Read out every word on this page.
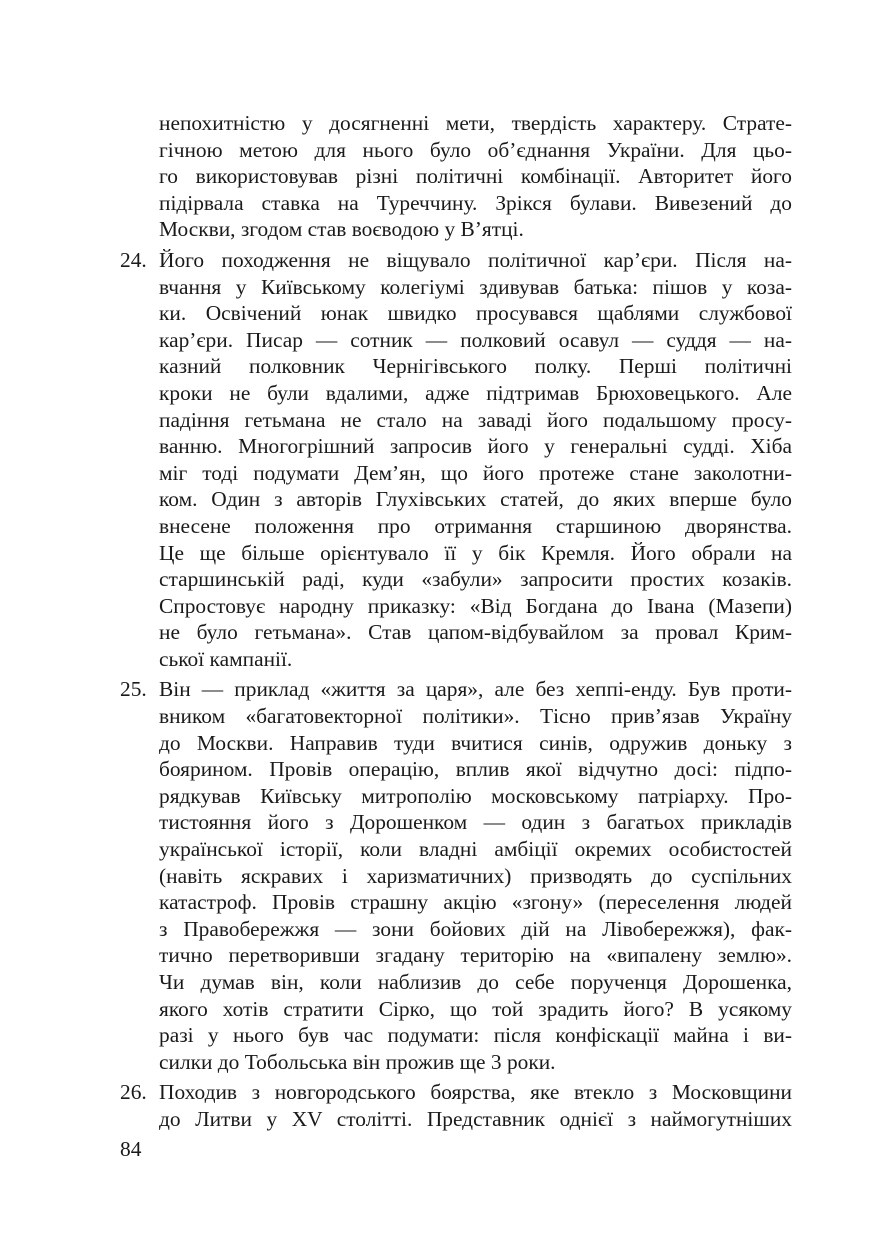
непохитністю у досягненні мети, твердість характеру. Страте-
гічною метою для нього було об’єднання України. Для цьо-
го використовував різні політичні комбінації. Авторитет його
підірвала ставка на Туреччину. Зрікся булави. Вивезений до
Москви, згодом став воєводою у В’ятці.
24. Його походження не віщувало політичної кар’єри. Після на-
вчання у Київському колегіумі здивував батька: пішов у коза-
ки. Освічений юнак швидко просувався щаблями службової
кар’єри. Писар — сотник — полковий осавул — суддя — на-
казний полковник Чернігівського полку. Перші політичні
кроки не були вдалими, адже підтримав Брюховецького. Але
падіння гетьмана не стало на заваді його подальшому просу-
ванню. Многогрішний запросив його у генеральні судді. Хіба
міг тоді подумати Дем’ян, що його протеже стане заколотни-
ком. Один з авторів Глухівських статей, до яких вперше було
внесене положення про отримання старшиною дворянства.
Це ще більше орієнтувало її у бік Кремля. Його обрали на
старшинській раді, куди «забули» запросити простих козаків.
Спростовує народну приказку: «Від Богдана до Івана (Мазепи)
не було гетьмана». Став цапом-відбувайлом за провал Крим-
ської кампанії.
25. Він — приклад «життя за царя», але без хеппі-енду. Був проти-
вником «багатовекторної політики». Тісно прив’язав Україну
до Москви. Направив туди вчитися синів, одружив доньку з
боярином. Провів операцію, вплив якої відчутно досі: підпо-
рядкував Київську митрополію московському патріарху. Про-
тистояння його з Дорошенком — один з багатьох прикладів
української історії, коли владні амбіції окремих особистостей
(навіть яскравих і харизматичних) призводять до суспільних
катастроф. Провів страшну акцію «згону» (переселення людей
з Правобережжя — зони бойових дій на Лівобережжя), фак-
тично перетворивши згадану територію на «випалену землю».
Чи думав він, коли наблизив до себе порученця Дорошенка,
якого хотів стратити Сірко, що той зрадить його? В усякому
разі у нього був час подумати: після конфіскації майна і ви-
силки до Тобольська він прожив ще 3 роки.
26. Походив з новгородського боярства, яке втекло з Московщини
до Литви у XV столітті. Представник однієї з наймогутніших
84
